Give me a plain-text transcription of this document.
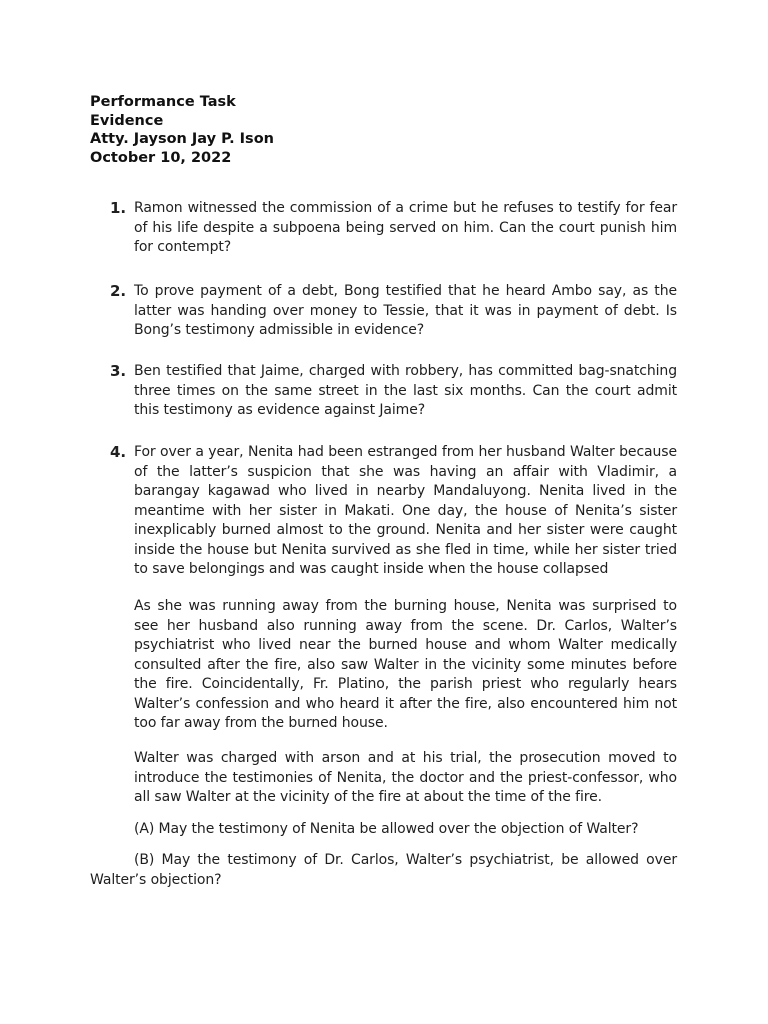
Performance Task
Evidence
Atty. Jayson Jay P. Ison
October 10, 2022
1. Ramon witnessed the commission of a crime but he refuses to testify for fear of his life despite a subpoena being served on him. Can the court punish him for contempt?

2. To prove payment of a debt, Bong testified that he heard Ambo say, as the latter was handing over money to Tessie, that it was in payment of debt. Is Bong’s testimony admissible in evidence?

3. Ben testified that Jaime, charged with robbery, has committed bag-snatching three times on the same street in the last six months. Can the court admit this testimony as evidence against Jaime?

4. For over a year, Nenita had been estranged from her husband Walter because of the latter’s suspicion that she was having an affair with Vladimir, a barangay kagawad who lived in nearby Mandaluyong. Nenita lived in the meantime with her sister in Makati. One day, the house of Nenita’s sister inexplicably burned almost to the ground. Nenita and her sister were caught inside the house but Nenita survived as she fled in time, while her sister tried to save belongings and was caught inside when the house collapsed

As she was running away from the burning house, Nenita was surprised to see her husband also running away from the scene. Dr. Carlos, Walter’s psychiatrist who lived near the burned house and whom Walter medically consulted after the fire, also saw Walter in the vicinity some minutes before the fire. Coincidentally, Fr. Platino, the parish priest who regularly hears Walter’s confession and who heard it after the fire, also encountered him not too far away from the burned house.

Walter was charged with arson and at his trial, the prosecution moved to introduce the testimonies of Nenita, the doctor and the priest-confessor, who all saw Walter at the vicinity of the fire at about the time of the fire.

(A) May the testimony of Nenita be allowed over the objection of Walter?

(B) May the testimony of Dr. Carlos, Walter’s psychiatrist, be allowed over Walter’s objection?
